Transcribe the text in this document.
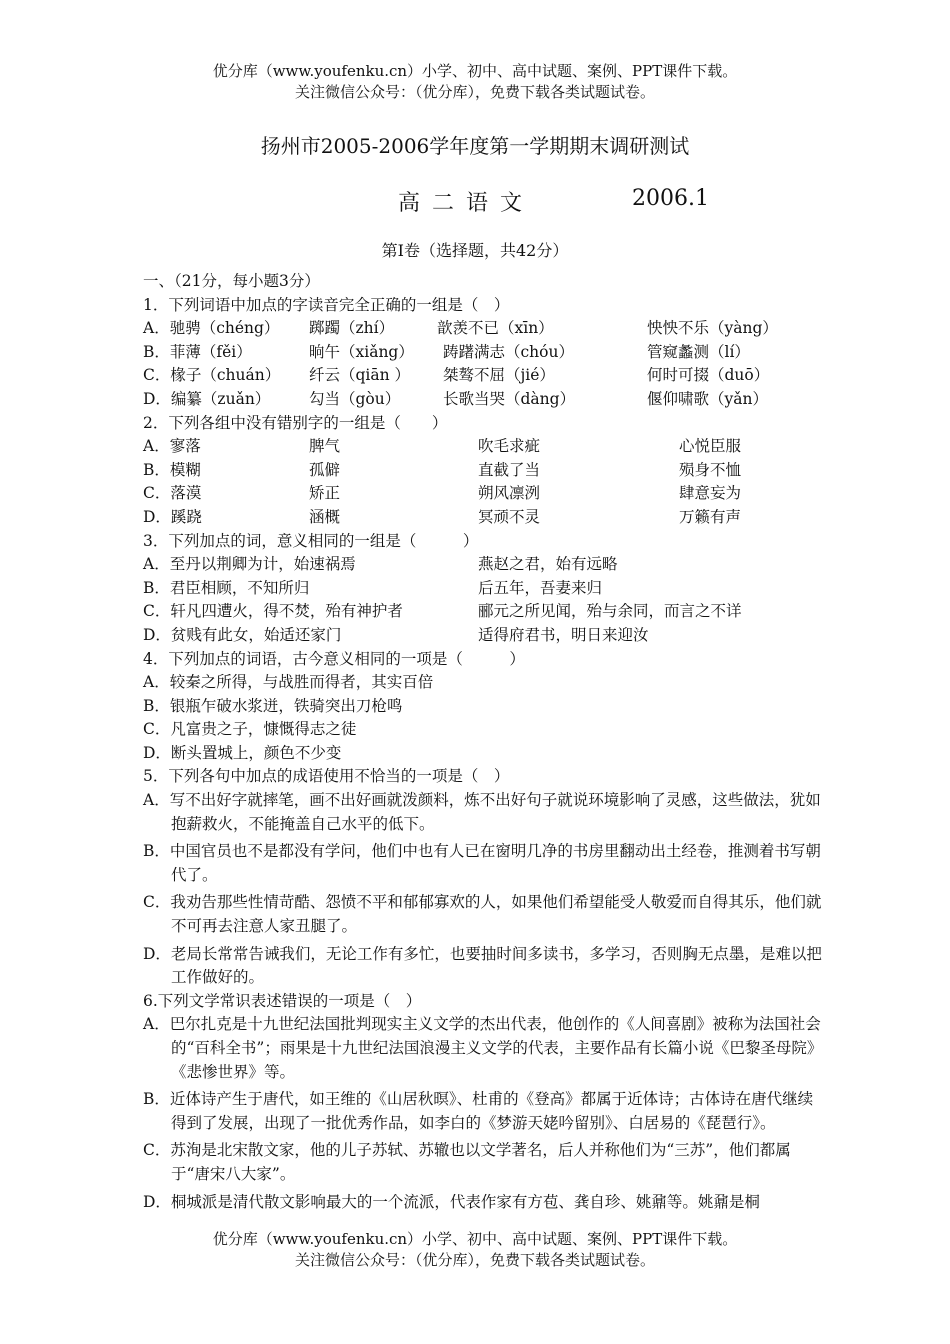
优分库（www.youfenku.cn）小学、初中、高中试题、案例、PPT课件下载。
关注微信公众号：（优分库），免费下载各类试题试卷。
扬州市2005-2006学年度第一学期期末调研测试
高二语文	2006.1
第Ⅰ卷（选择题，共42分）
一、（21分，每小题3分）
1．下列词语中加点的字读音完全正确的一组是（　）
A．驰骋（chéng） 踯躅（zhí）	歆羡不已（xīn）	怏怏不乐（yàng）
B．菲薄（fěi）	晌午（xiǎng） 踌躇满志（chóu）	管窥蠡测（lí）
C．椽子（chuán） 纤云（qiān ） 桀骜不屈（jié）	何时可掇（duō）
D．编纂（zuǎn） 勾当（gòu）	长歌当哭（dàng）	偃仰啸歌（yǎn）
2．下列各组中没有错别字的一组是（　　）
A．寥落	脾气	吹毛求疵	心悦臣服
B．模糊	孤僻	直截了当	殒身不恤
C．落漠	矫正	朔风凛洌	肆意妄为
D．蹊跷	涵概	冥顽不灵	万籁有声
3．下列加点的词，意义相同的一组是（　　　）
A．至丹以荆卿为计，始速祸焉	燕赵之君，始有远略
B．君臣相顾，不知所归	后五年，吾妻来归
C．轩凡四遭火，得不焚，殆有神护者	郦元之所见闻，殆与余同，而言之不详
D．贫贱有此女，始适还家门	适得府君书，明日来迎汝
4．下列加点的词语，古今意义相同的一项是（　　　）
A．较秦之所得，与战胜而得者，其实百倍
B．银瓶乍破水浆迸，铁骑突出刀枪鸣
C．凡富贵之子，慷慨得志之徒
D．断头置城上，颜色不少变
5．下列各句中加点的成语使用不恰当的一项是（　）

A．写不出好字就摔笔，画不出好画就泼颜料，炼不出好句子就说环境影响了灵感，这些做法，犹如抱薪救火，不能掩盖自己水平的低下。

B．中国官员也不是都没有学问，他们中也有人已在窗明几净的书房里翻动出土经卷，推测着书写朝代了。

C．我劝告那些性情苛酷、怨愤不平和郁郁寡欢的人，如果他们希望能受人敬爱而自得其乐，他们就不可再去注意人家丑腿了。

D．老局长常常告诫我们，无论工作有多忙，也要抽时间多读书，多学习，否则胸无点墨，是难以把工作做好的。

6.下列文学常识表述错误的一项是（　）

A．巴尔扎克是十九世纪法国批判现实主义文学的杰出代表，他创作的《人间喜剧》被称为法国社会的“百科全书”；雨果是十九世纪法国浪漫主义文学的代表，主要作品有长篇小说《巴黎圣母院》《悲惨世界》等。

B．近体诗产生于唐代，如王维的《山居秋暝》、杜甫的《登高》都属于近体诗；古体诗在唐代继续得到了发展，出现了一批优秀作品，如李白的《梦游天姥吟留别》、白居易的《琵琶行》。

C．苏洵是北宋散文家，他的儿子苏轼、苏辙也以文学著名，后人并称他们为“三苏”，他们都属于“唐宋八大家”。

D．桐城派是清代散文影响最大的一个流派，代表作家有方苞、龚自珍、姚鼐等。姚鼐是桐

优分库（www.youfenku.cn）小学、初中、高中试题、案例、PPT课件下载。
关注微信公众号：（优分库），免费下载各类试题试卷。
